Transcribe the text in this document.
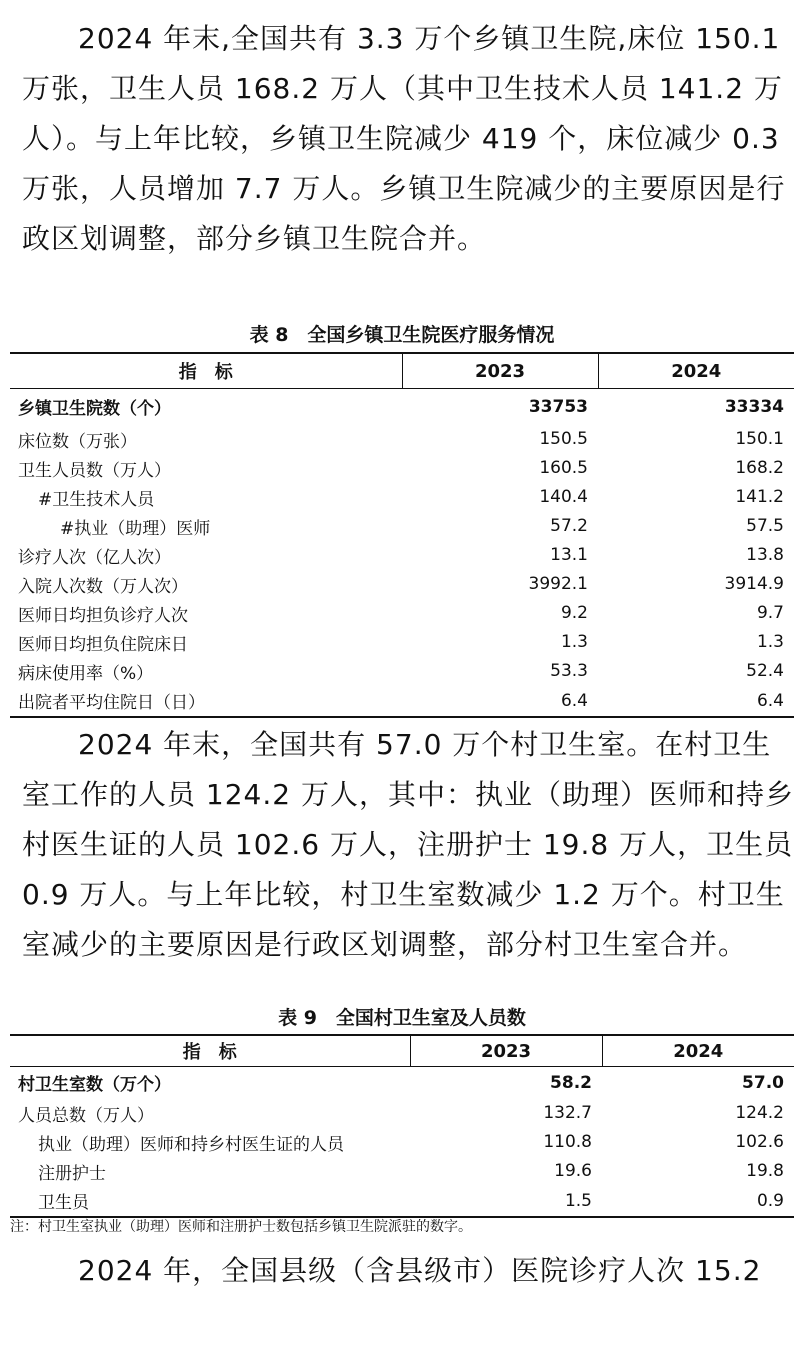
2024 年末,全国共有 3.3 万个乡镇卫生院,床位 150.1
万张，卫生人员 168.2 万人（其中卫生技术人员 141.2 万
人）。与上年比较，乡镇卫生院减少 419 个，床位减少 0.3
万张，人员增加 7.7 万人。乡镇卫生院减少的主要原因是行
政区划调整，部分乡镇卫生院合并。
表 8　全国乡镇卫生院医疗服务情况
指　标	2023	2024
乡镇卫生院数（个）	33753	33334
床位数（万张）	150.5	150.1
卫生人员数（万人）	160.5	168.2
#卫生技术人员	140.4	141.2
#执业（助理）医师	57.2	57.5
诊疗人次（亿人次）	13.1	13.8
入院人次数（万人次）	3992.1	3914.9
医师日均担负诊疗人次	9.2	9.7
医师日均担负住院床日	1.3	1.3
病床使用率（%）	53.3	52.4
出院者平均住院日（日）	6.4	6.4
2024 年末，全国共有 57.0 万个村卫生室。在村卫生
室工作的人员 124.2 万人，其中：执业（助理）医师和持乡
村医生证的人员 102.6 万人，注册护士 19.8 万人，卫生员
0.9 万人。与上年比较，村卫生室数减少 1.2 万个。村卫生
室减少的主要原因是行政区划调整，部分村卫生室合并。
表 9　全国村卫生室及人员数
指　标	2023	2024
村卫生室数（万个）	58.2	57.0
人员总数（万人）	132.7	124.2
执业（助理）医师和持乡村医生证的人员	110.8	102.6
注册护士	19.6	19.8
卫生员	1.5	0.9
注：村卫生室执业（助理）医师和注册护士数包括乡镇卫生院派驻的数字。
2024 年，全国县级（含县级市）医院诊疗人次 15.2
